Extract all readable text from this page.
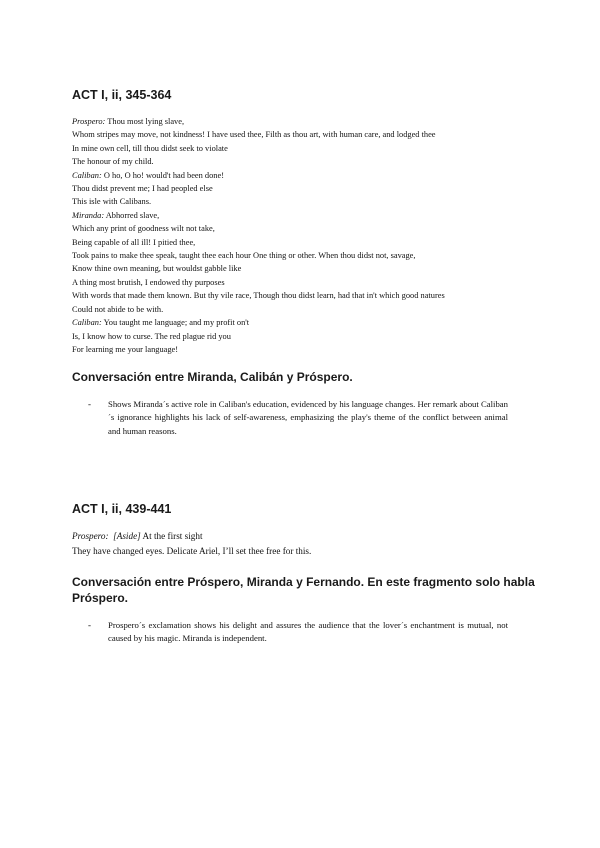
ACT I, ii, 345-364
Prospero: Thou most lying slave,
Whom stripes may move, not kindness! I have used thee, Filth as thou art, with human care, and lodged thee
In mine own cell, till thou didst seek to violate
The honour of my child.
Caliban: O ho, O ho! would't had been done!
Thou didst prevent me; I had peopled else
This isle with Calibans.
Miranda: Abhorred slave,
Which any print of goodness wilt not take,
Being capable of all ill! I pitied thee,
Took pains to make thee speak, taught thee each hour One thing or other. When thou didst not, savage,
Know thine own meaning, but wouldst gabble like
A thing most brutish, I endowed thy purposes
With words that made them known. But thy vile race, Though thou didst learn, had that in't which good natures
Could not abide to be with.
Caliban: You taught me language; and my profit on't
Is, I know how to curse. The red plague rid you
For learning me your language!
Conversación entre Miranda, Calibán y Próspero.
-	Shows Miranda´s active role in Caliban's education, evidenced by his language changes. Her remark about Caliban´s ignorance highlights his lack of self-awareness, emphasizing the play's theme of the conflict between animal and human reasons.
ACT I, ii, 439-441
Prospero: [Aside] At the first sight
They have changed eyes. Delicate Ariel, I’ll set thee free for this.
Conversación entre Próspero, Miranda y Fernando. En este fragmento solo habla Próspero.
-	Prospero´s exclamation shows his delight and assures the audience that the lover´s enchantment is mutual, not caused by his magic. Miranda is independent.
